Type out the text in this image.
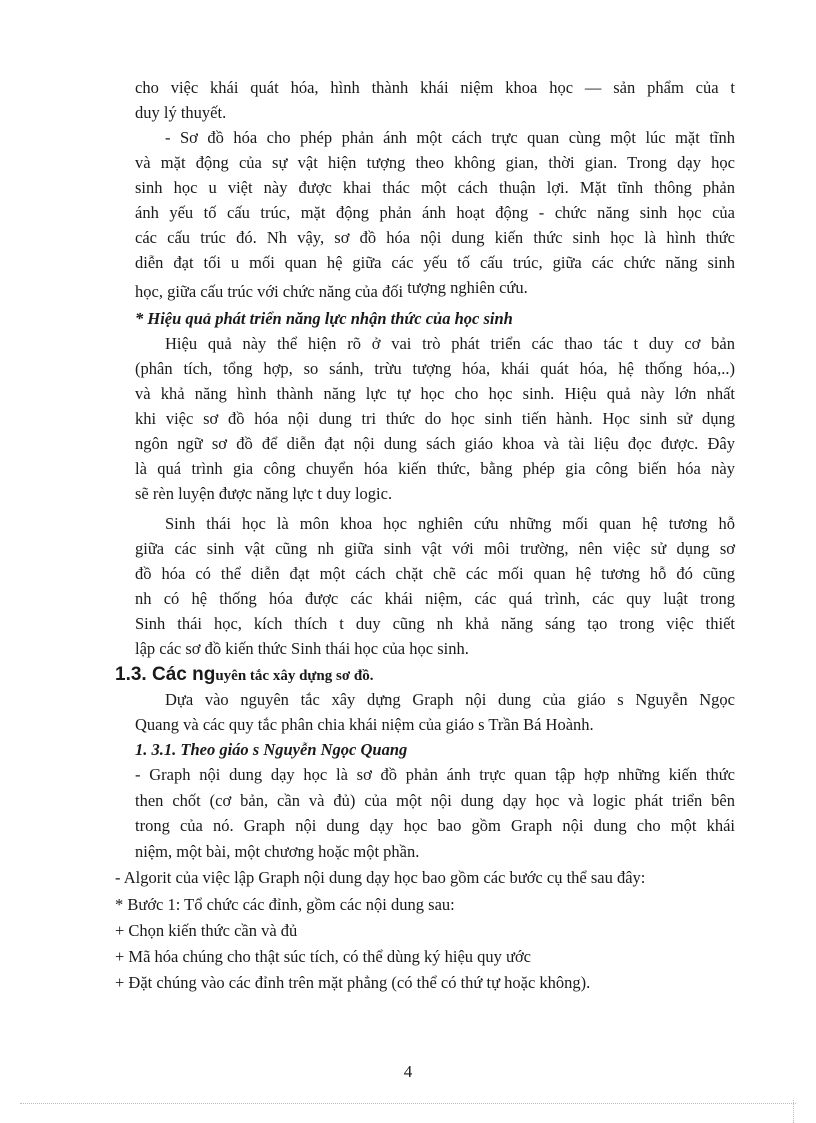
cho việc khái quát hóa, hình thành khái niệm khoa học — sản phẩm của t
duy lý thuyết.
- Sơ đồ hóa cho phép phản ánh một cách trực quan cùng một lúc mặt tĩnh
và mặt động của sự vật hiện tượng theo không gian, thời gian. Trong dạy học
sinh học u việt này được khai thác một cách thuận lợi. Mặt tĩnh thông phản
ánh yếu tố cấu trúc, mặt động phản ánh hoạt động - chức năng sinh học của
các cấu trúc đó. Nh vậy, sơ đồ hóa nội dung kiến thức sinh học là hình thức
diễn đạt tối u mối quan hệ giữa các yếu tố cấu trúc, giữa các chức năng sinh
học, giữa cấu trúc với chức năng của đối tượng nghiên cứu.
* Hiệu quả phát triển năng lực nhận thức của học sinh
Hiệu quả này thể hiện rõ ở vai trò phát triển các thao tác t duy cơ bản
(phân tích, tổng hợp, so sánh, trừu tượng hóa, khái quát hóa, hệ thống hóa,..)
và khả năng hình thành năng lực tự học cho học sinh. Hiệu quả này lớn nhất
khi việc sơ đồ hóa nội dung tri thức do học sinh tiến hành. Học sinh sử dụng
ngôn ngữ sơ đồ để diễn đạt nội dung sách giáo khoa và tài liệu đọc được. Đây
là quá trình gia công chuyển hóa kiến thức, bằng phép gia công biến hóa này
sẽ rèn luyện được năng lực t duy logic.
Sinh thái học là môn khoa học nghiên cứu những mối quan hệ tương hỗ
giữa các sinh vật cũng nh giữa sinh vật với môi trường, nên việc sử dụng sơ
đồ hóa có thể diễn đạt một cách chặt chẽ các mối quan hệ tương hỗ đó cũng
nh có hệ thống hóa được các khái niệm, các quá trình, các quy luật trong
Sinh thái học, kích thích t duy cũng nh khả năng sáng tạo trong việc thiết
lập các sơ đồ kiến thức Sinh thái học của học sinh.
1.3. Các nguyên tắc xây dựng sơ đồ.
Dựa vào nguyên tắc xây dựng Graph nội dung của giáo s Nguyễn Ngọc
Quang và các quy tắc phân chia khái niệm của giáo s Trần Bá Hoành.
1. 3.1. Theo giáo s Nguyễn Ngọc Quang
- Graph nội dung dạy học là sơ đồ phản ánh trực quan tập hợp những kiến thức
then chốt (cơ bản, cần và đủ) của một nội dung dạy học và logic phát triển bên
trong của nó. Graph nội dung dạy học bao gồm Graph nội dung cho một khái
niệm, một bài, một chương hoặc một phần.
- Algorit của việc lập Graph nội dung dạy học bao gồm các bước cụ thể sau đây:
* Bước 1: Tổ chức các đỉnh, gồm các nội dung sau:
+ Chọn kiến thức cần và đủ
+ Mã hóa chúng cho thật súc tích, có thể dùng ký hiệu quy ước
+ Đặt chúng vào các đỉnh trên mặt phẳng (có thể có thứ tự hoặc không).
4
